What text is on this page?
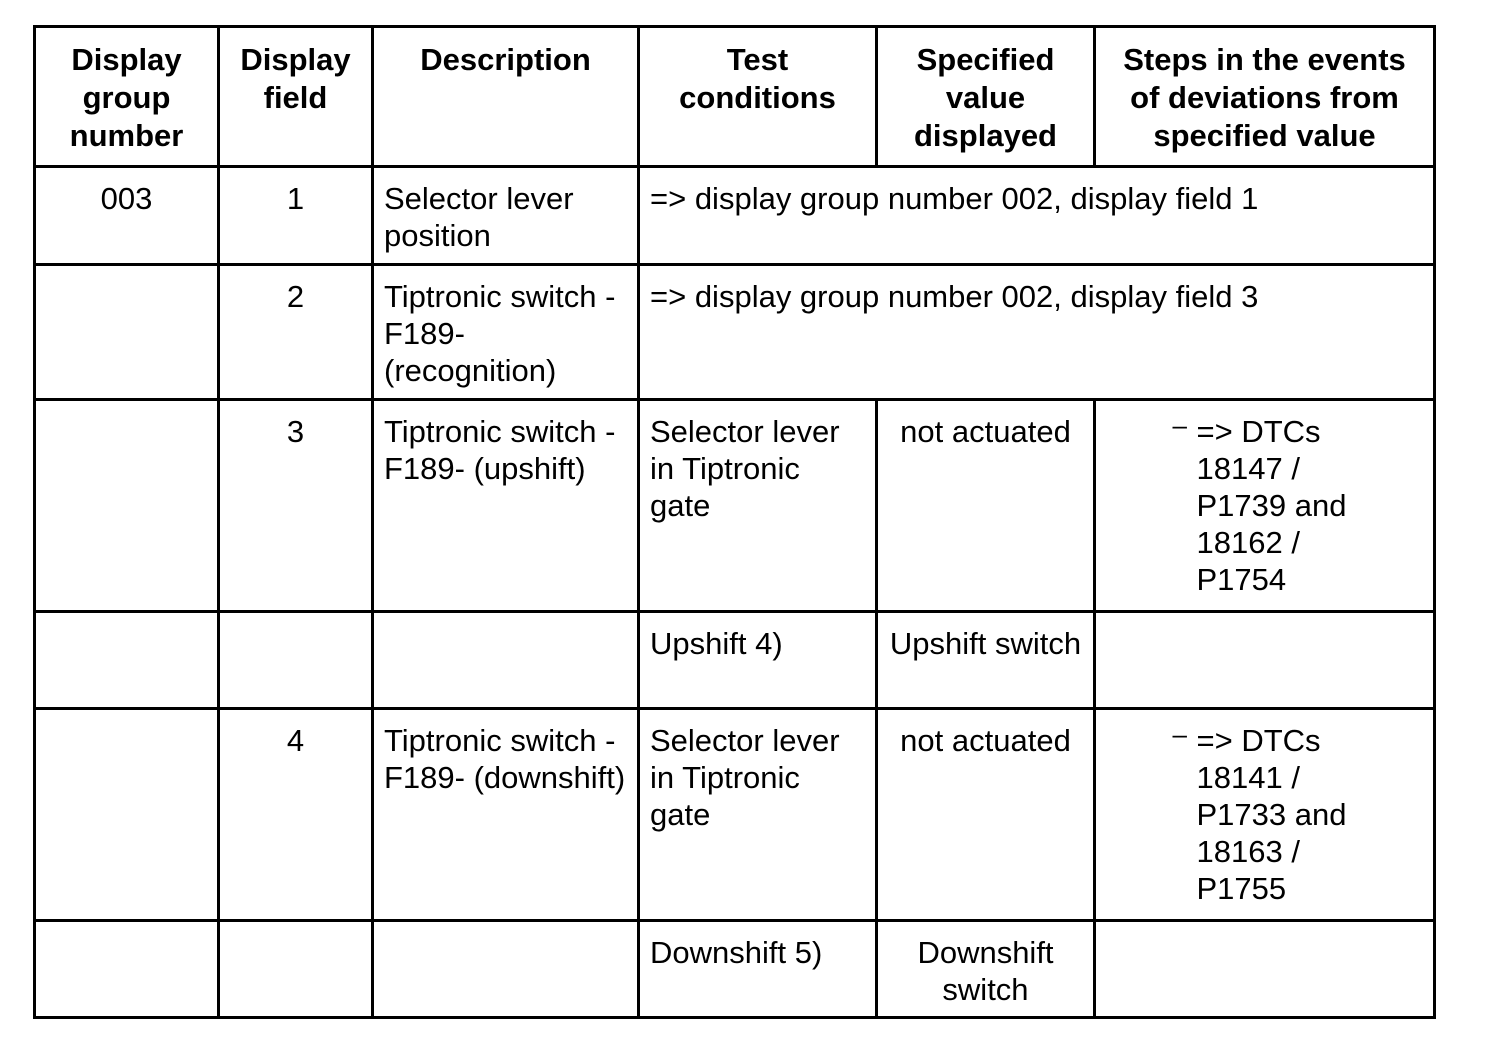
Display group number	Display field	Description	Test conditions	Specified value displayed	Steps in the events of deviations from specified value
003	1	Selector lever position	=> display group number 002, display field 1		
	2	Tiptronic switch -F189- (recognition)	=> display group number 002, display field 3		
	3	Tiptronic switch -F189- (upshift)	Selector lever in Tiptronic gate	not actuated	– => DTCs 18147 / P1739 and 18162 / P1754

			Upshift 4)	Upshift switch	
	4	Tiptronic switch -F189- (downshift)	Selector lever in Tiptronic gate	not actuated	– => DTCs 18141 / P1733 and 18163 / P1755

			Downshift 5)	Downshift switch	
